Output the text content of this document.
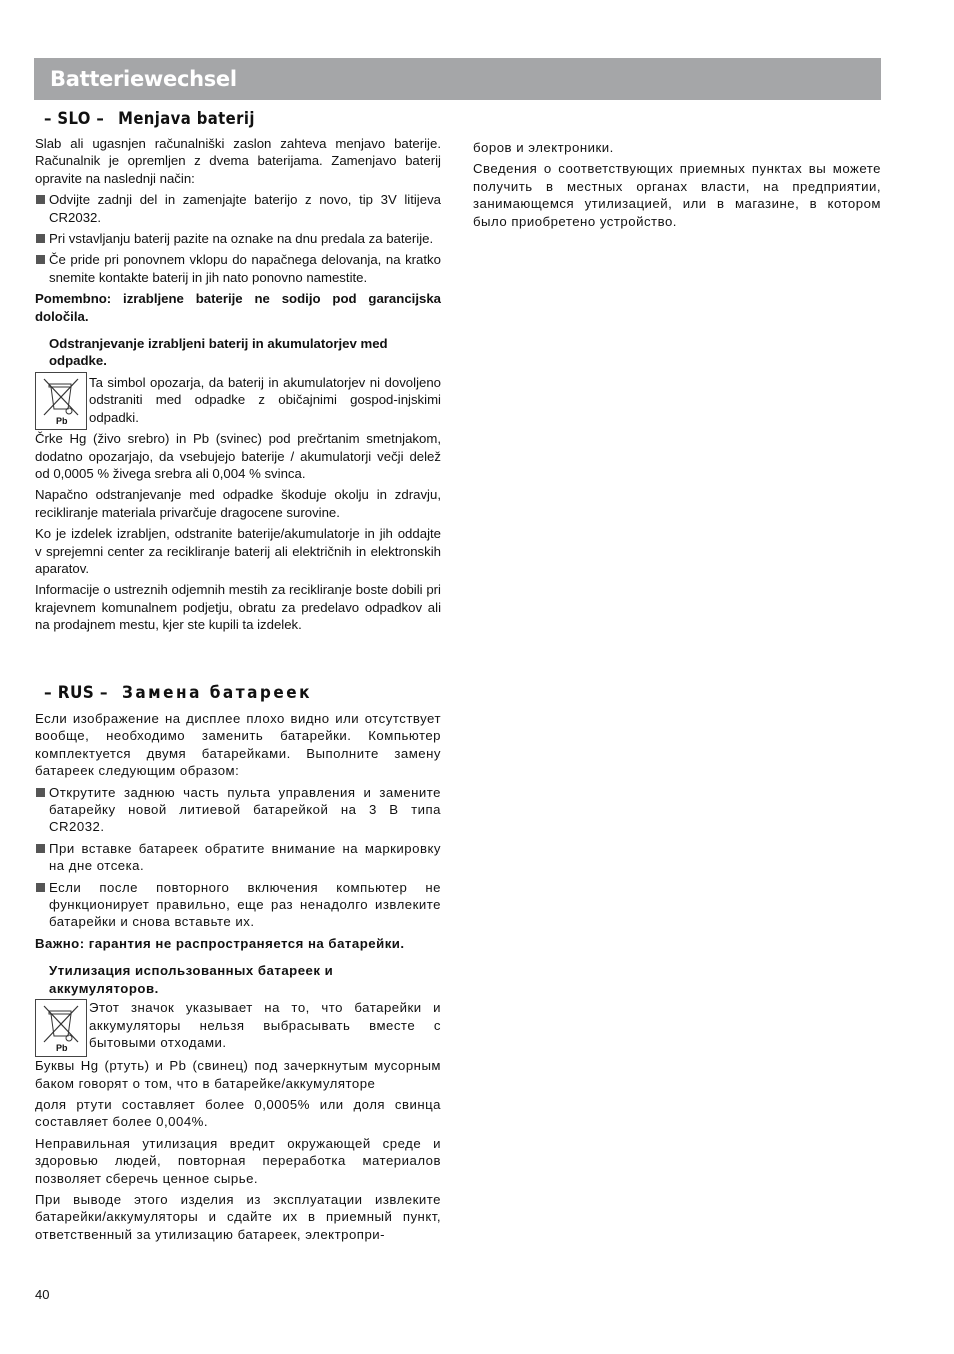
Batteriewechsel
– SLO – Menjava baterij

Slab ali ugasnjen računalniški zaslon zahteva menjavo baterije. Računalnik je opremljen z dvema baterijama. Zamenjavo baterij opravite na naslednji način:

Odvijte zadnji del in zamenjajte baterijo z novo, tip 3V litijeva CR2032.
Pri vstavljanju baterij pazite na oznake na dnu predala za baterije.
Če pride pri ponovnem vklopu do napačnega delovanja, na kratko snemite kontakte baterij in jih nato ponovno namestite.

Pomembno: izrabljene baterije ne sodijo pod garancijska določila.

Odstranjevanje izrabljeni baterij in akumulatorjev med odpadke.
Pb

Ta simbol opozarja, da baterij in akumulatorjev ni dovoljeno odstraniti med odpadke z običajnimi gospod-injskimi odpadki.

Črke Hg (živo srebro) in Pb (svinec) pod prečrtanim smetnjakom, dodatno opozarjajo, da vsebujejo baterije / akumulatorji večji delež od 0,0005 % živega srebra ali 0,004 % svinca.

Napačno odstranjevanje med odpadke škoduje okolju in zdravju, recikliranje materiala privarčuje dragocene surovine.

Ko je izdelek izrabljen, odstranite baterije/akumulatorje in jih oddajte v sprejemni center za recikliranje baterij ali električnih in elektronskih aparatov.

Informacije o ustreznih odjemnih mestih za recikliranje boste dobili pri krajevnem komunalnem podjetju, obratu za predelavo odpadkov ali na prodajnem mestu, kjer ste kupili ta izdelek.

– RUS – Замена батареек

Если изображение на дисплее плохо видно или отсутствует вообще, необходимо заменить батарейки. Компьютер комплектуется двумя батарейками. Выполните замену батареек следующим образом:

Открутите заднюю часть пульта управления и замените батарейку новой литиевой батарейкой на 3 В типа CR2032.
При вставке батареек обратите внимание на маркировку на дне отсека.
Если после повторного включения компьютер не функционирует правильно, еще раз ненадолго извлеките батарейки и снова вставьте их.

Важно: гарантия не распространяется на батарейки.

Утилизация использованных батареек и аккумуляторов.
Pb

Этот значок указывает на то, что батарейки и аккумуляторы нельзя выбрасывать вместе с бытовыми отходами.

Буквы Hg (ртуть) и Pb (свинец) под зачеркнутым мусорным баком говорят о том, что в батарейке/аккумуляторе

доля ртути составляет более 0,0005% или доля свинца составляет более 0,004%.

Неправильная утилизация вредит окружающей среде и здоровью людей, повторная переработка материалов позволяет сберечь ценное сырье.

При выводе этого изделия из эксплуатации извлеките батарейки/аккумуляторы и сдайте их в приемный пункт, ответственный за утилизацию батареек, электропри-

боров и электроники.

Сведения о соответствующих приемных пунктах вы можете получить в местных органах власти, на предприятии, занимающемся утилизацией, или в магазине, в котором было приобретено устройство.

40
